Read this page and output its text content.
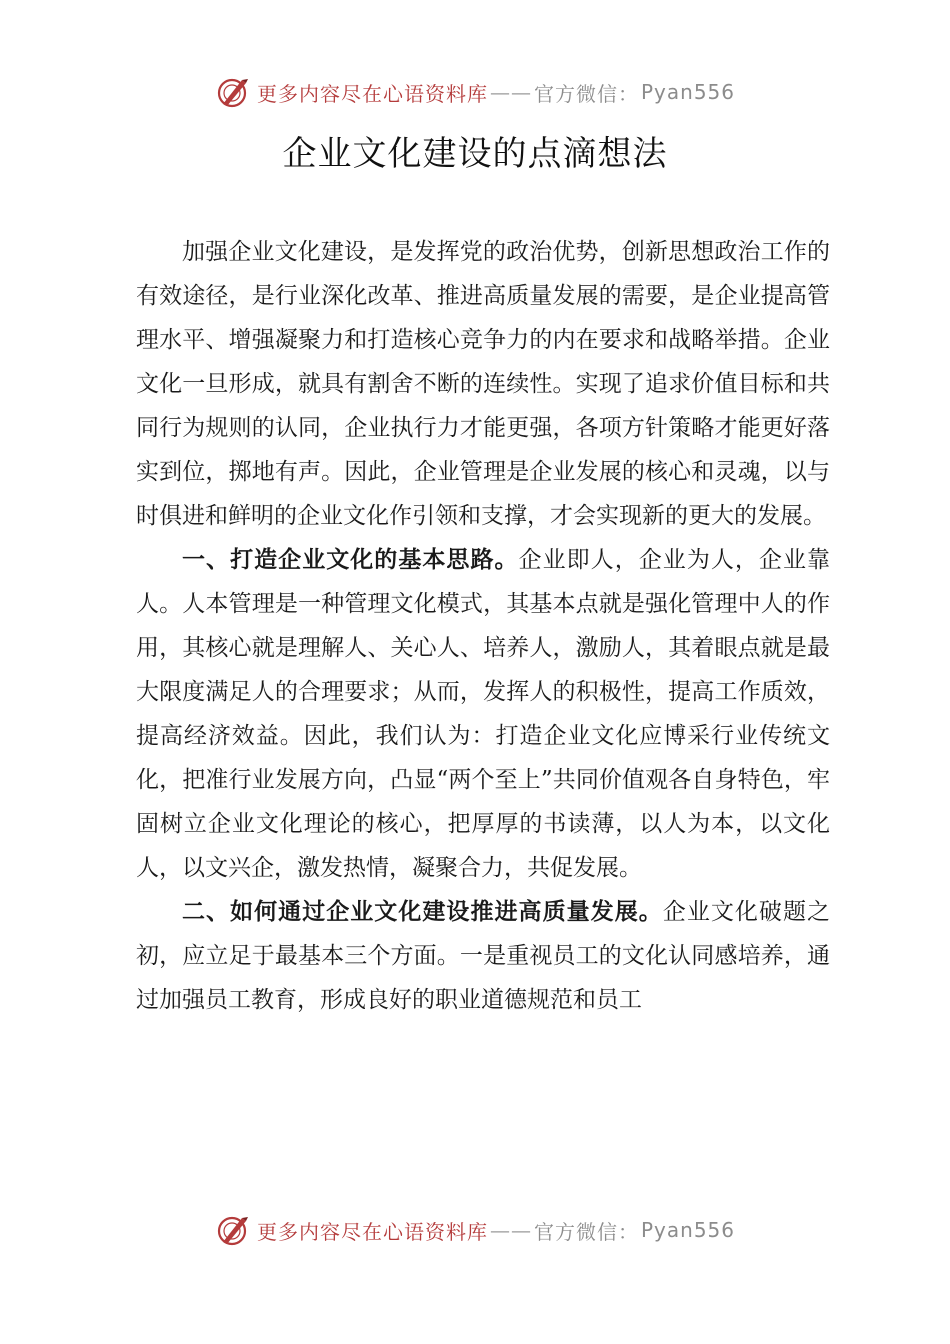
更多内容尽在心语资料库 —— 官方微信： Pyan556
企业文化建设的点滴想法

加强企业文化建设，是发挥党的政治优势，创新思想政治工作的有效途径，是行业深化改革、推进高质量发展的需要，是企业提高管理水平、增强凝聚力和打造核心竞争力的内在要求和战略举措。企业文化一旦形成，就具有割舍不断的连续性。实现了追求价值目标和共同行为规则的认同，企业执行力才能更强，各项方针策略才能更好落实到位，掷地有声。因此，企业管理是企业发展的核心和灵魂，以与时俱进和鲜明的企业文化作引领和支撑，才会实现新的更大的发展。

一、打造企业文化的基本思路。企业即人，企业为人，企业靠人。人本管理是一种管理文化模式，其基本点就是强化管理中人的作用，其核心就是理解人、关心人、培养人，激励人，其着眼点就是最大限度满足人的合理要求；从而，发挥人的积极性，提高工作质效，提高经济效益。因此，我们认为：打造企业文化应博采行业传统文化，把准行业发展方向，凸显“两个至上”共同价值观各自身特色，牢固树立企业文化理论的核心，把厚厚的书读薄，以人为本，以文化人，以文兴企，激发热情，凝聚合力，共促发展。

二、如何通过企业文化建设推进高质量发展。企业文化破题之初，应立足于最基本三个方面。一是重视员工的文化认同感培养，通过加强员工教育，形成良好的职业道德规范和员工

更多内容尽在心语资料库 —— 官方微信： Pyan556
